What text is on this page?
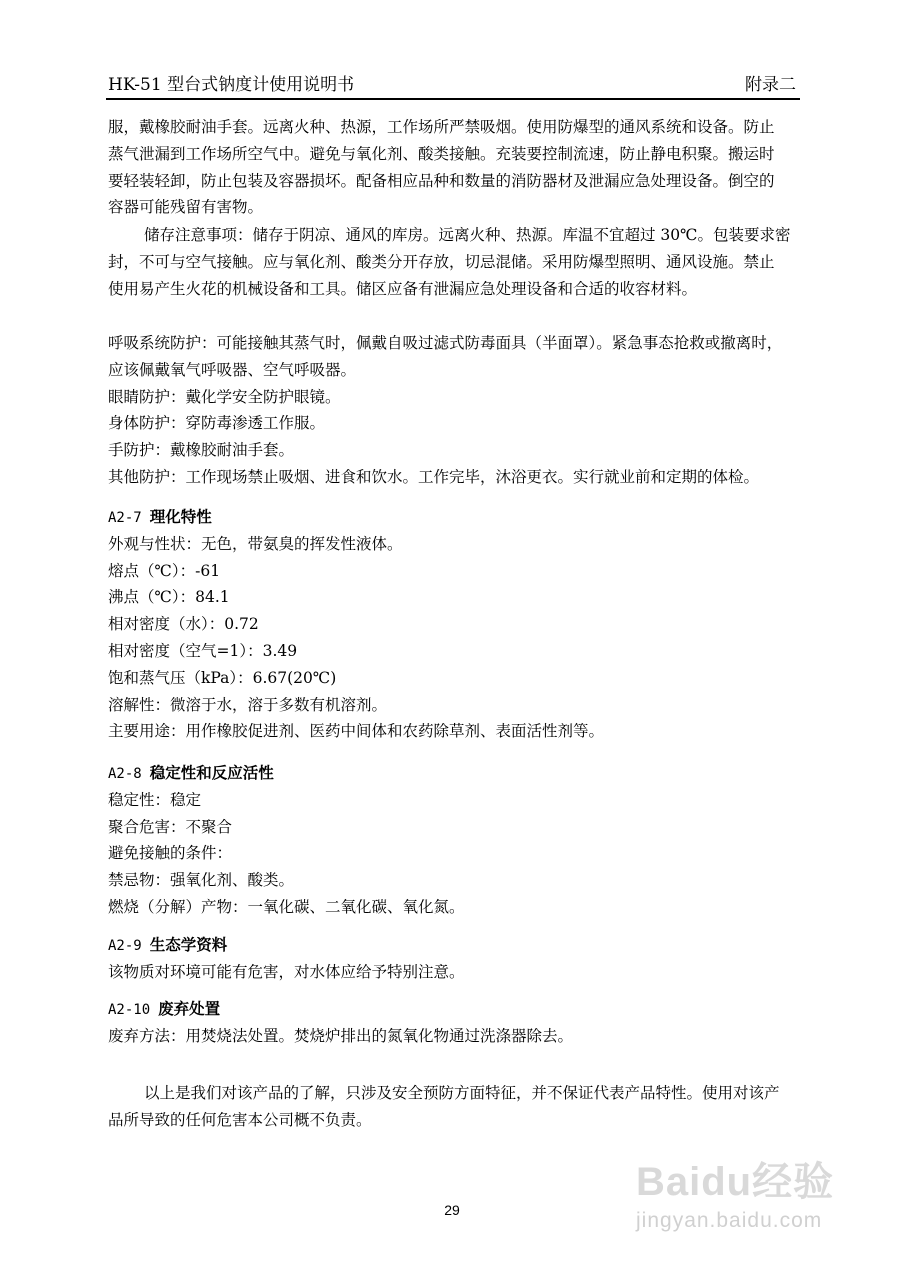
HK-51 型台式钠度计使用说明书	附录二
服，戴橡胶耐油手套。远离火种、热源，工作场所严禁吸烟。使用防爆型的通风系统和设备。防止
蒸气泄漏到工作场所空气中。避免与氧化剂、酸类接触。充装要控制流速，防止静电积聚。搬运时
要轻装轻卸，防止包装及容器损坏。配备相应品种和数量的消防器材及泄漏应急处理设备。倒空的
容器可能残留有害物。
储存注意事项：储存于阴凉、通风的库房。远离火种、热源。库温不宜超过 30℃。包装要求密
封，不可与空气接触。应与氧化剂、酸类分开存放，切忌混储。采用防爆型照明、通风设施。禁止
使用易产生火花的机械设备和工具。储区应备有泄漏应急处理设备和合适的收容材料。
呼吸系统防护：可能接触其蒸气时，佩戴自吸过滤式防毒面具（半面罩）。紧急事态抢救或撤离时，
应该佩戴氧气呼吸器、空气呼吸器。
眼睛防护：戴化学安全防护眼镜。
身体防护：穿防毒渗透工作服。
手防护：戴橡胶耐油手套。
其他防护：工作现场禁止吸烟、进食和饮水。工作完毕，沐浴更衣。实行就业前和定期的体检。
A2-7 理化特性
外观与性状：无色，带氨臭的挥发性液体。
熔点（℃）：-61
沸点（℃）：84.1
相对密度（水）：0.72
相对密度（空气=1）：3.49
饱和蒸气压（kPa）：6.67(20℃)
溶解性：微溶于水，溶于多数有机溶剂。
主要用途：用作橡胶促进剂、医药中间体和农药除草剂、表面活性剂等。
A2-8 稳定性和反应活性
稳定性：稳定
聚合危害：不聚合
避免接触的条件：
禁忌物：强氧化剂、酸类。
燃烧（分解）产物：一氧化碳、二氧化碳、氧化氮。
A2-9 生态学资料
该物质对环境可能有危害，对水体应给予特别注意。
A2-10 废弃处置
废弃方法：用焚烧法处置。焚烧炉排出的氮氧化物通过洗涤器除去。
以上是我们对该产品的了解，只涉及安全预防方面特征，并不保证代表产品特性。使用对该产
品所导致的任何危害本公司概不负责。
29
Baidu经验
jingyan.baidu.com
